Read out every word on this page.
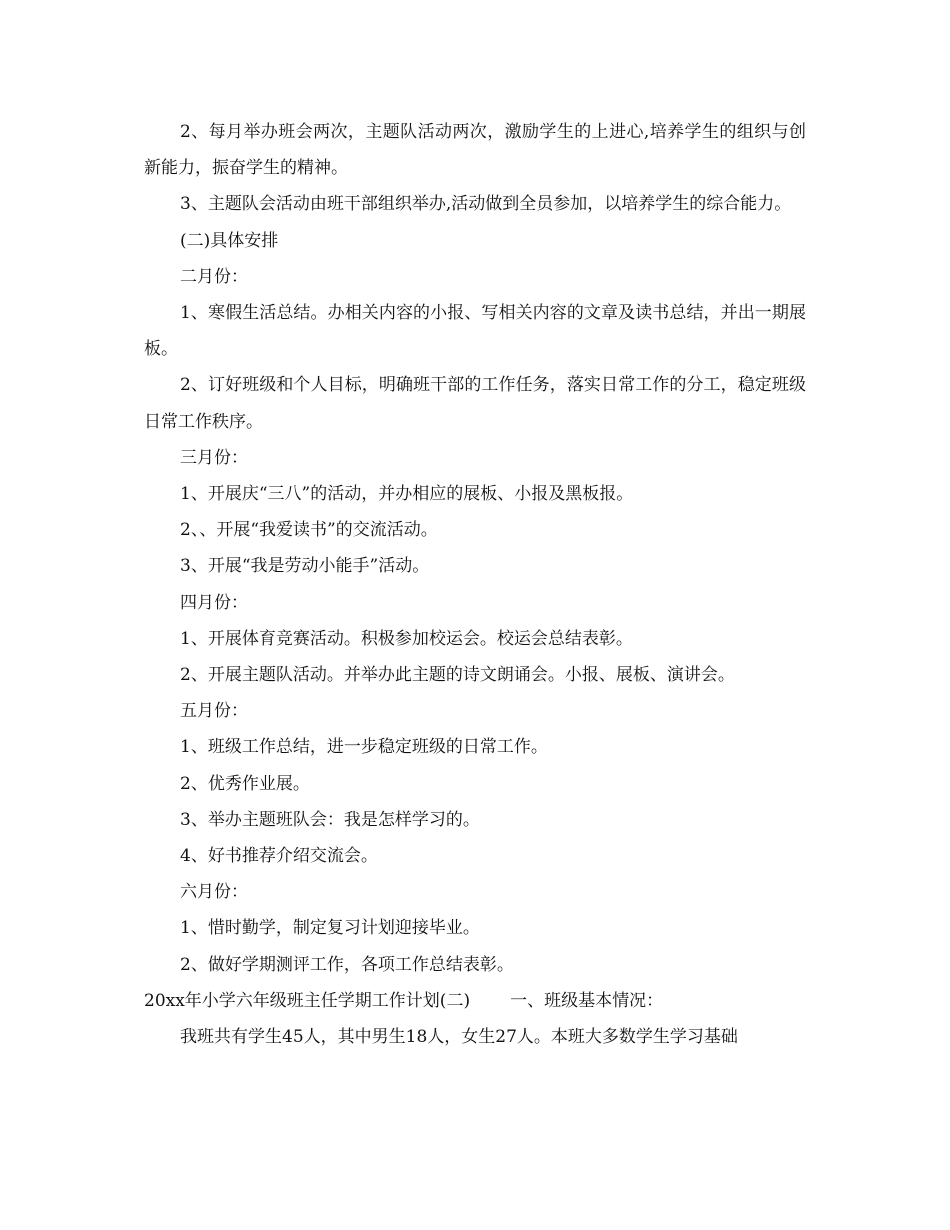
2、每月举办班会两次，主题队活动两次，激励学生的上进心,培养学生的组织与创新能力，振奋学生的精神。

3、主题队会活动由班干部组织举办,活动做到全员参加，以培养学生的综合能力。

(二)具体安排

二月份：

1、寒假生活总结。办相关内容的小报、写相关内容的文章及读书总结，并出一期展板。

2、订好班级和个人目标，明确班干部的工作任务，落实日常工作的分工，稳定班级日常工作秩序。

三月份：

1、开展庆“三八”的活动，并办相应的展板、小报及黑板报。

2、、开展“我爱读书”的交流活动。

3、开展“我是劳动小能手”活动。

四月份：

1、开展体育竞赛活动。积极参加校运会。校运会总结表彰。

2、开展主题队活动。并举办此主题的诗文朗诵会。小报、展板、演讲会。

五月份：

1、班级工作总结，进一步稳定班级的日常工作。

2、优秀作业展。

3、举办主题班队会：我是怎样学习的。

4、好书推荐介绍交流会。

六月份：

1、惜时勤学，制定复习计划迎接毕业。

2、做好学期测评工作，各项工作总结表彰。

20xx年小学六年级班主任学期工作计划(二) 一、班级基本情况：

我班共有学生45人，其中男生18人，女生27人。本班大多数学生学习基础
